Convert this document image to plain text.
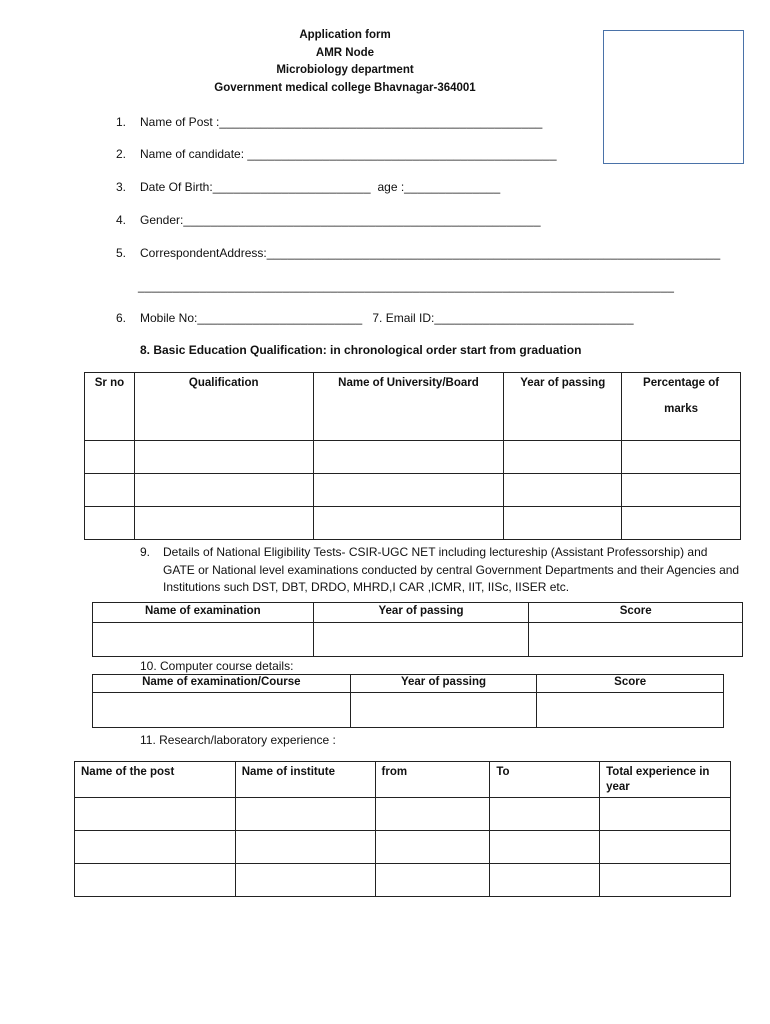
Application form
AMR Node
Microbiology department
Government medical college Bhavnagar-364001
1. Name of Post :_______________________________________________
2. Name of candidate: _____________________________________________
3. Date Of Birth:_______________________  age :______________
4. Gender:____________________________________________________
5. CorrespondentAddress:__________________________________________________________________
______________________________________________________________________________
6. Mobile No:________________________   7. Email ID:_____________________________
8. Basic Education Qualification: in chronological order start from graduation
Sr no	Qualification	Name of University/Board	Year of passing	Percentage of
marks

9. Details of National Eligibility Tests- CSIR-UGC NET including lectureship (Assistant Professorship) and GATE or National level examinations conducted by central Government Departments and their Agencies and Institutions such DST, DBT, DRDO, MHRD,I CAR ,ICMR, IIT, IISc, IISER etc.
Name of examination	Year of passing	Score

10. Computer course details:
Name of examination/Course	Year of passing	Score

11. Research/laboratory experience :
Name of the post	Name of institute	from	To	Total experience in year
